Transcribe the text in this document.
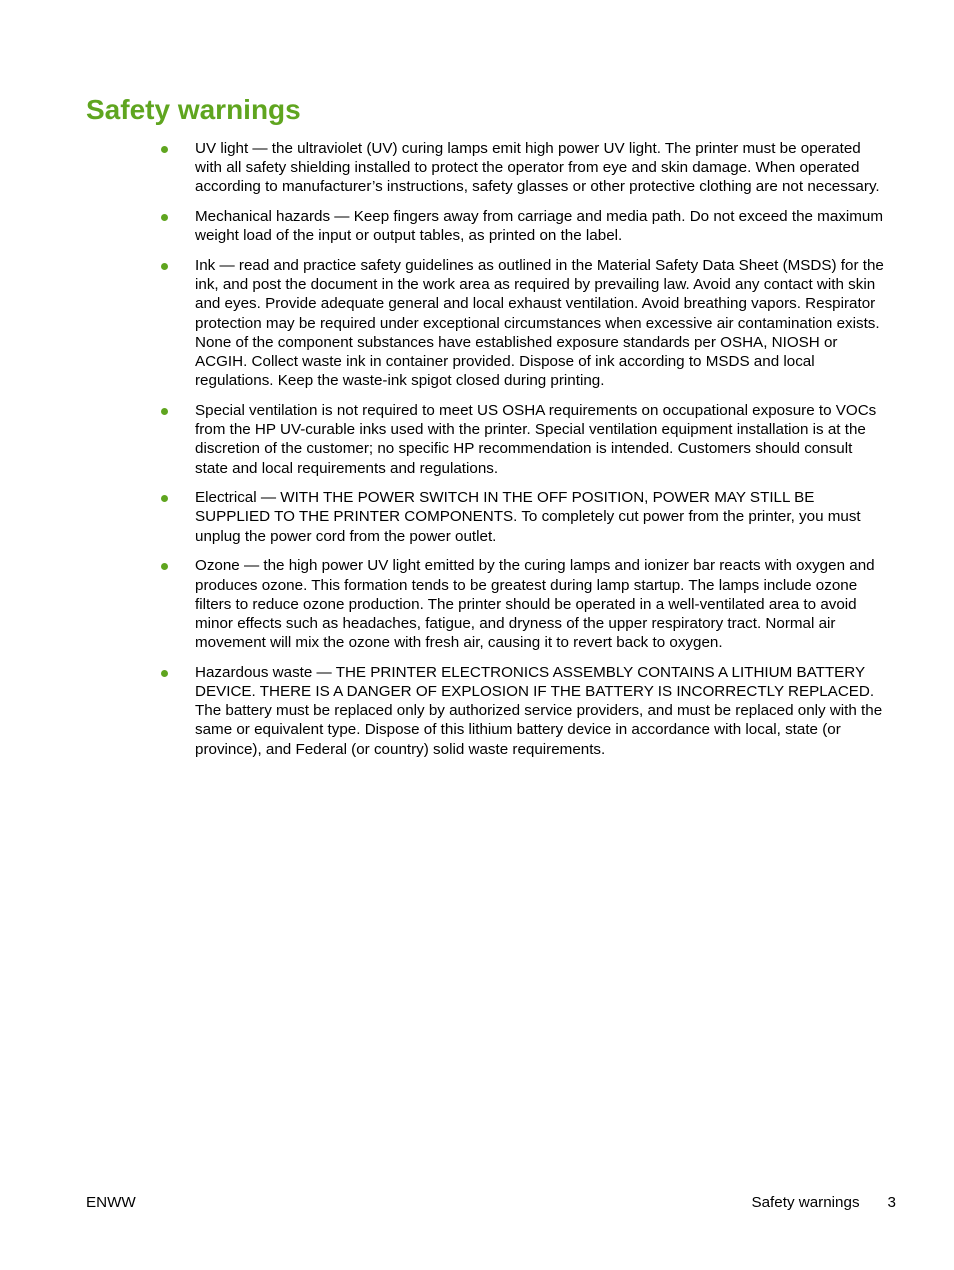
Safety warnings
UV light — the ultraviolet (UV) curing lamps emit high power UV light. The printer must be operated with all safety shielding installed to protect the operator from eye and skin damage. When operated according to manufacturer’s instructions, safety glasses or other protective clothing are not necessary.
Mechanical hazards — Keep fingers away from carriage and media path. Do not exceed the maximum weight load of the input or output tables, as printed on the label.
Ink — read and practice safety guidelines as outlined in the Material Safety Data Sheet (MSDS) for the ink, and post the document in the work area as required by prevailing law. Avoid any contact with skin and eyes. Provide adequate general and local exhaust ventilation. Avoid breathing vapors. Respirator protection may be required under exceptional circumstances when excessive air contamination exists. None of the component substances have established exposure standards per OSHA, NIOSH or ACGIH. Collect waste ink in container provided. Dispose of ink according to MSDS and local regulations. Keep the waste-ink spigot closed during printing.
Special ventilation is not required to meet US OSHA requirements on occupational exposure to VOCs from the HP UV-curable inks used with the printer. Special ventilation equipment installation is at the discretion of the customer; no specific HP recommendation is intended. Customers should consult state and local requirements and regulations.
Electrical — WITH THE POWER SWITCH IN THE OFF POSITION, POWER MAY STILL BE SUPPLIED TO THE PRINTER COMPONENTS. To completely cut power from the printer, you must unplug the power cord from the power outlet.
Ozone — the high power UV light emitted by the curing lamps and ionizer bar reacts with oxygen and produces ozone. This formation tends to be greatest during lamp startup. The lamps include ozone filters to reduce ozone production. The printer should be operated in a well-ventilated area to avoid minor effects such as headaches, fatigue, and dryness of the upper respiratory tract. Normal air movement will mix the ozone with fresh air, causing it to revert back to oxygen.
Hazardous waste — THE PRINTER ELECTRONICS ASSEMBLY CONTAINS A LITHIUM BATTERY DEVICE. THERE IS A DANGER OF EXPLOSION IF THE BATTERY IS INCORRECTLY REPLACED. The battery must be replaced only by authorized service providers, and must be replaced only with the same or equivalent type. Dispose of this lithium battery device in accordance with local, state (or province), and Federal (or country) solid waste requirements.
ENWW	Safety warnings 3
